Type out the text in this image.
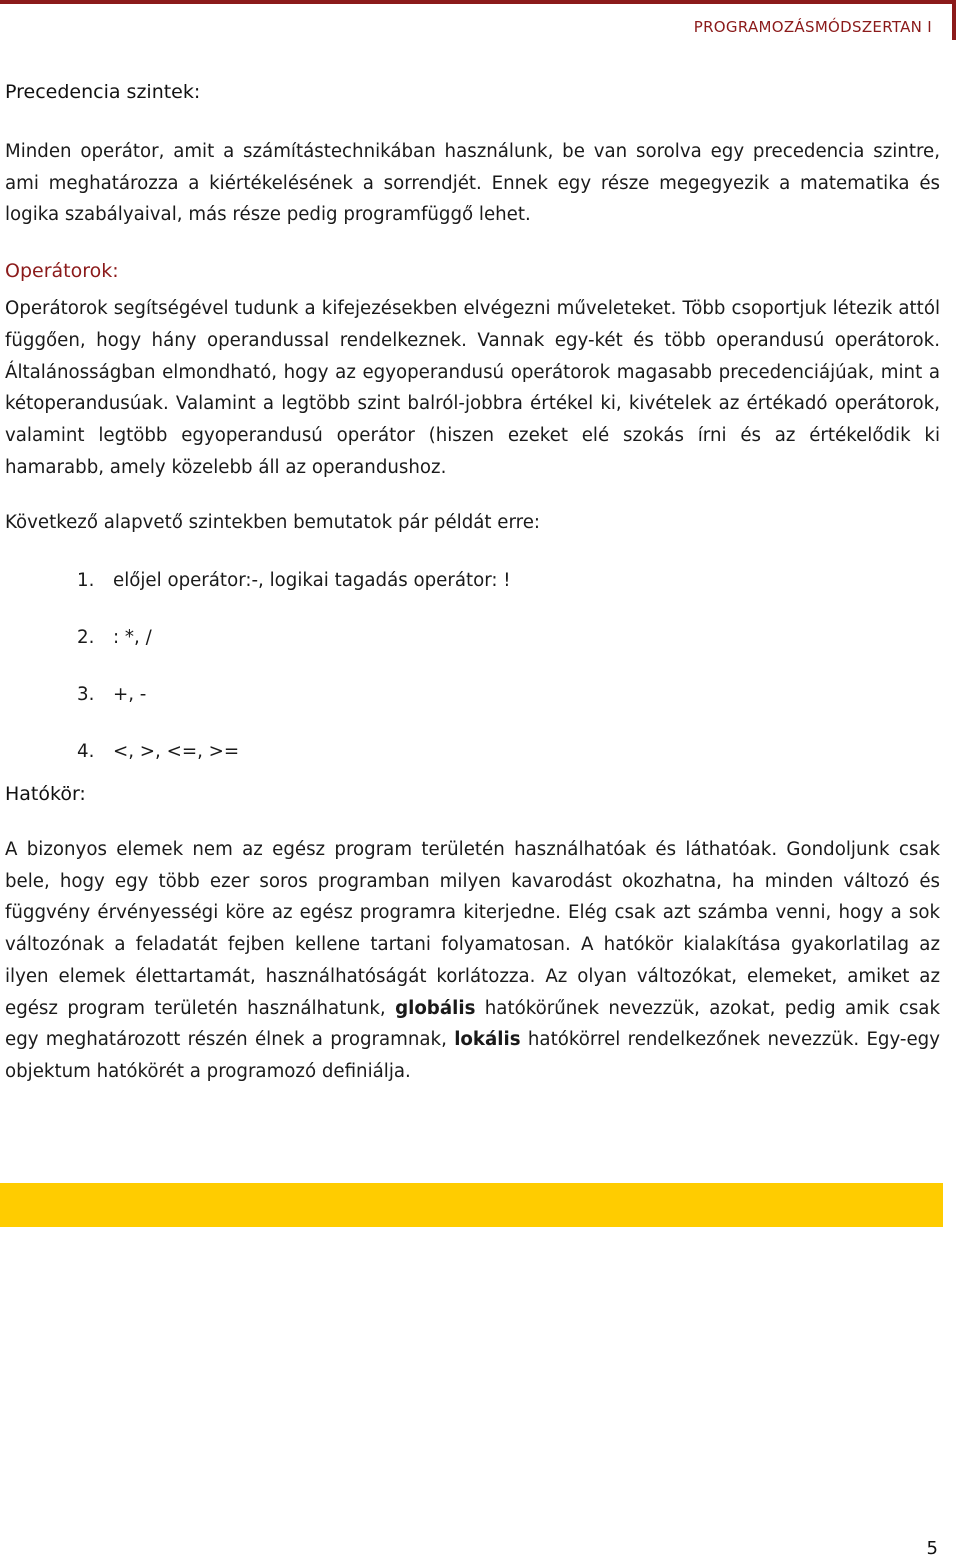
PROGRAMOZÁSMÓDSZERTAN I
Precedencia szintek:

Minden operátor, amit a számítástechnikában használunk, be van sorolva egy precedencia szintre, ami meghatározza a kiértékelésének a sorrendjét. Ennek egy része megegyezik a matematika és logika szabályaival, más része pedig programfüggő lehet.

Operátorok:

Operátorok segítségével tudunk a kifejezésekben elvégezni műveleteket. Több csoportjuk létezik attól függően, hogy hány operandussal rendelkeznek. Vannak egy-két és több operandusú operátorok. Általánosságban elmondható, hogy az egyoperandusú operátorok magasabb precedenciájúak, mint a kétoperandusúak. Valamint a legtöbb szint balról-jobbra értékel ki, kivételek az értékadó operátorok, valamint legtöbb egyoperandusú operátor (hiszen ezeket elé szokás írni és az értékelődik ki hamarabb, amely közelebb áll az operandushoz.

Következő alapvető szintekben bemutatok pár példát erre:

1.	előjel operátor:-, logikai tagadás operátor: !
2.	: *, /
3.	+, -
4.	<, >, <=, >=
Hatókör:

A bizonyos elemek nem az egész program területén használhatóak és láthatóak. Gondoljunk csak bele, hogy egy több ezer soros programban milyen kavarodást okozhatna, ha minden változó és függvény érvényességi köre az egész programra kiterjedne. Elég csak azt számba venni, hogy a sok változónak a feladatát fejben kellene tartani folyamatosan. A hatókör kialakítása gyakorlatilag az ilyen elemek élettartamát, használhatóságát korlátozza. Az olyan változókat, elemeket, amiket az egész program területén használhatunk, globális hatókörűnek nevezzük, azokat, pedig amik csak egy meghatározott részén élnek a programnak, lokális hatókörrel rendelkezőnek nevezzük. Egy-egy objektum hatókörét a programozó definiálja.

5
